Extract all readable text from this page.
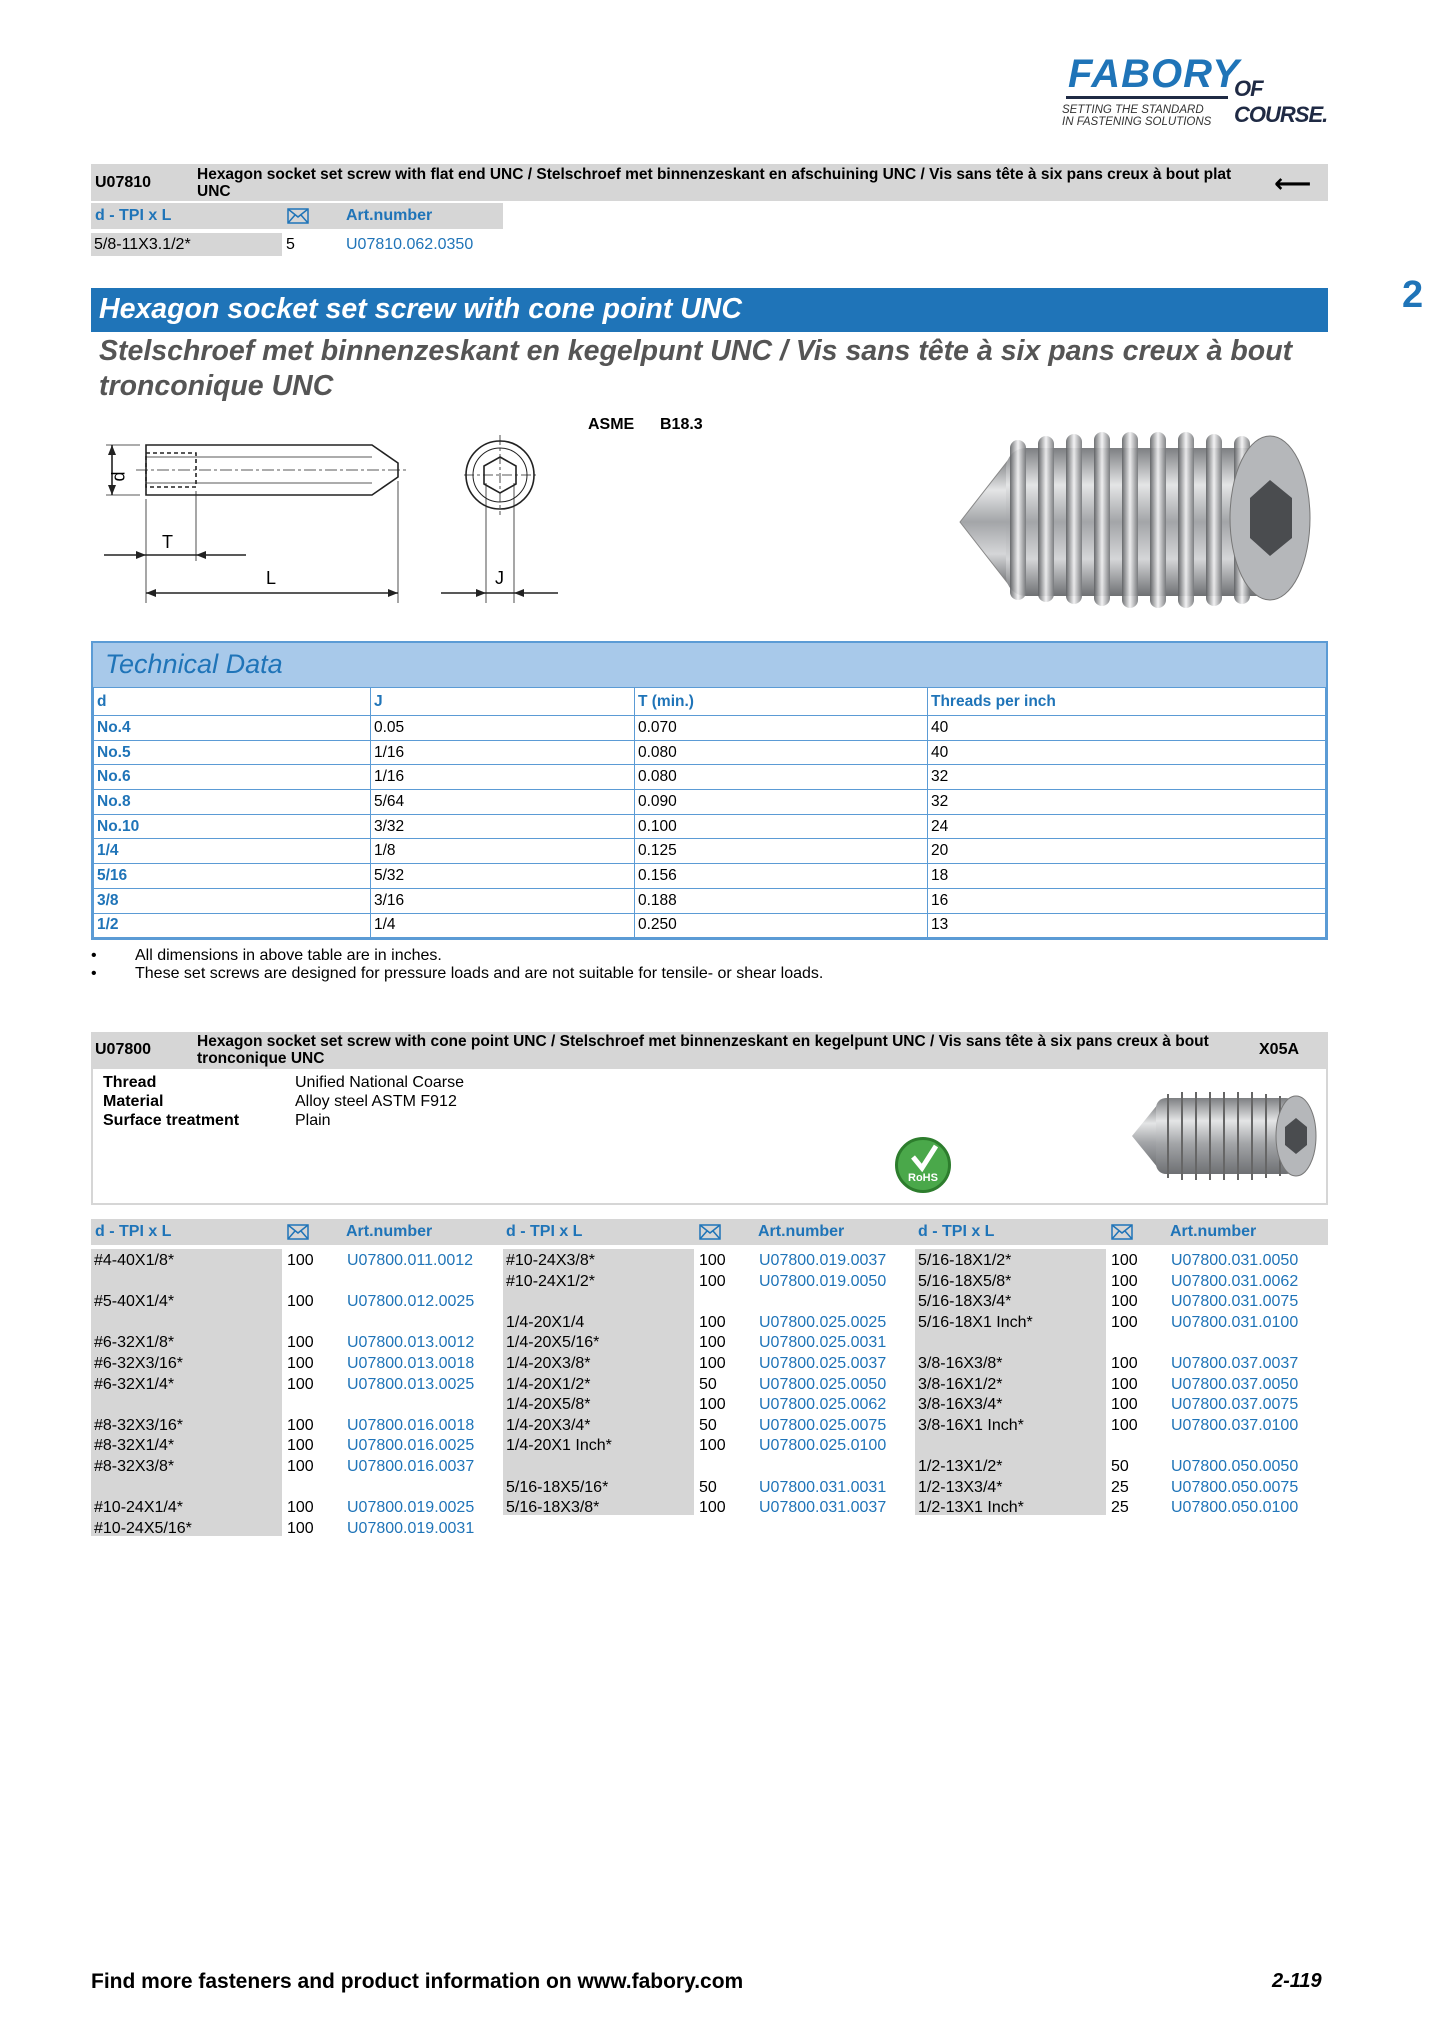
FABORY
OF COURSE.
SETTING THE STANDARD
IN FASTENING SOLUTIONS
2
U07810	Hexagon socket set screw with flat end UNC / Stelschroef met binnenzeskant en afschuining UNC / Vis sans tête à six pans creux à bout plat UNC	⟵
d - TPI x L	Art.number
5/8-11X3.1/2*	5	U07810.062.0350
Hexagon socket set screw with cone point UNC
Stelschroef met binnenzeskant en kegelpunt UNC / Vis sans tête à six pans creux à bout tronconique UNC
d
T
L	J
ASME B18.3
Technical Data
d	J	T (min.)	Threads per inch
No.4	0.05	0.070	40
No.5	1/16	0.080	40
No.6	1/16	0.080	32
No.8	5/64	0.090	32
No.10	3/32	0.100	24
1/4	1/8	0.125	20
5/16	5/32	0.156	18
3/8	3/16	0.188	16
1/2	1/4	0.250	13
• All dimensions in above table are in inches.
• These set screws are designed for pressure loads and are not suitable for tensile- or shear loads.
U07800	Hexagon socket set screw with cone point UNC / Stelschroef met binnenzeskant en kegelpunt UNC / Vis sans tête à six pans creux à bout tronconique UNC
X05A
Thread	Unified National Coarse
Material	Alloy steel ASTM F912
Surface treatment	Plain
RoHS
d - TPI x L	Art.number	d - TPI x L	Art.number	d - TPI x L	Art.number
#4-40X1/8*	100 U07800.011.0012
#5-40X1/4*	100 U07800.012.0025
#6-32X1/8*	100 U07800.013.0012
#6-32X3/16*	100 U07800.013.0018
#6-32X1/4*	100 U07800.013.0025
#8-32X3/16*	100 U07800.016.0018
#8-32X1/4*	100 U07800.016.0025
#8-32X3/8*	100 U07800.016.0037
#10-24X1/4*	100 U07800.019.0025
#10-24X5/16*	100 U07800.019.0031
#10-24X3/8*	100 U07800.019.0037
#10-24X1/2*	100 U07800.019.0050
1/4-20X1/4	100 U07800.025.0025
1/4-20X5/16*	100 U07800.025.0031
1/4-20X3/8*	100 U07800.025.0037
1/4-20X1/2*	50	U07800.025.0050
1/4-20X5/8*	100 U07800.025.0062
1/4-20X3/4*	50	U07800.025.0075
1/4-20X1 Inch*	100 U07800.025.0100
5/16-18X5/16*	50	U07800.031.0031
5/16-18X3/8*	100 U07800.031.0037
5/16-18X1/2*	100 U07800.031.0050
5/16-18X5/8*	100 U07800.031.0062
5/16-18X3/4*	100 U07800.031.0075
5/16-18X1 Inch*	100 U07800.031.0100
3/8-16X3/8*	100 U07800.037.0037
3/8-16X1/2*	100 U07800.037.0050
3/8-16X3/4*	100 U07800.037.0075
3/8-16X1 Inch*	100 U07800.037.0100
1/2-13X1/2*	50	U07800.050.0050
1/2-13X3/4*	25	U07800.050.0075
1/2-13X1 Inch*	25	U07800.050.0100
Find more fasteners and product information on www.fabory.com	2-119
